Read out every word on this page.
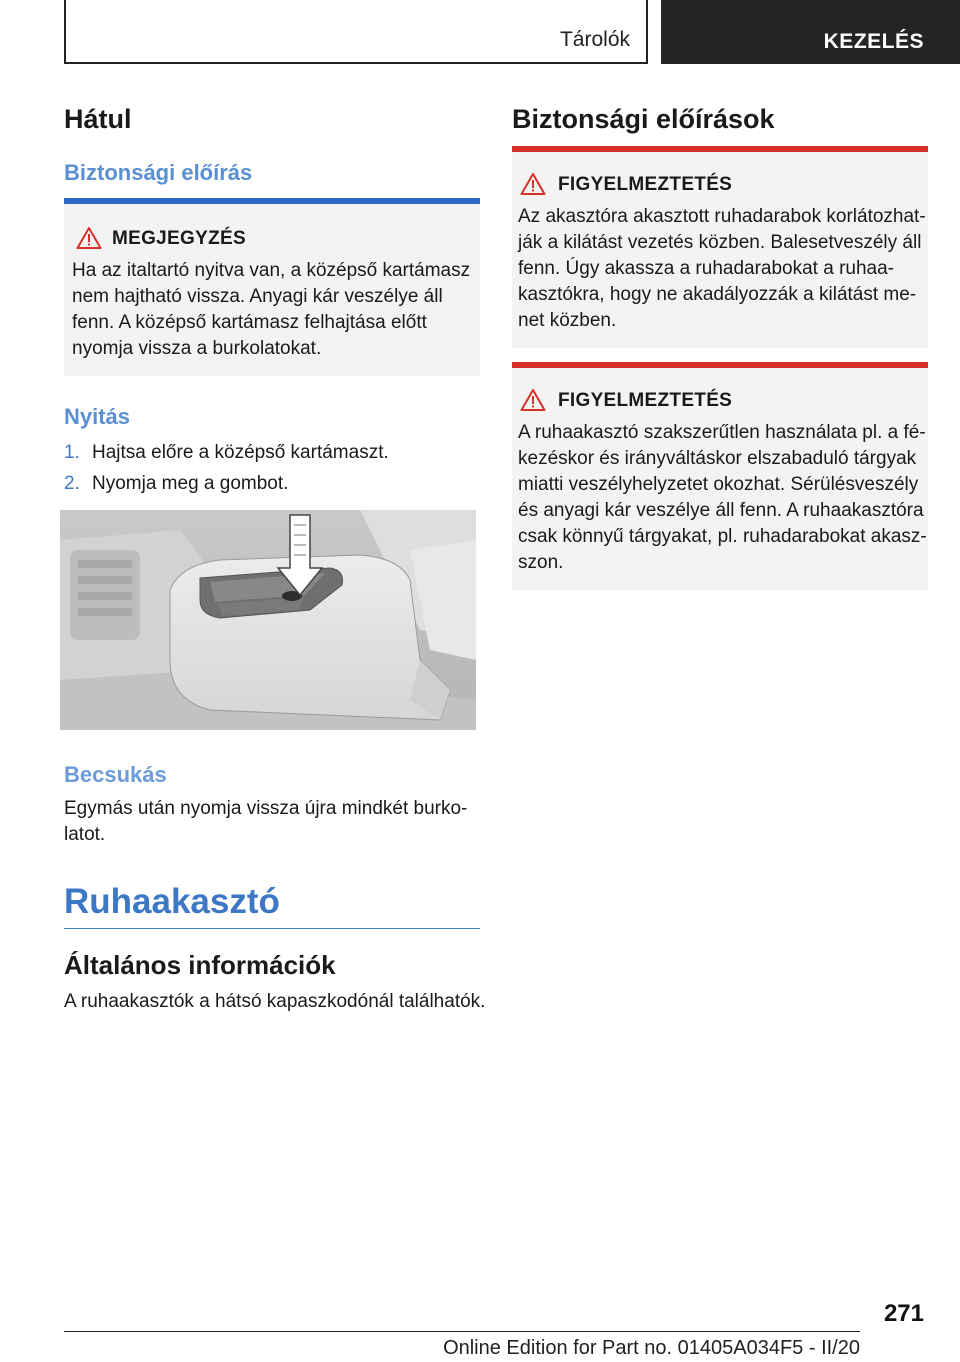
Tárolók	KEZELÉS
Hátul
Biztonsági előírás
MEGJEGYZÉS
Ha az italtartó nyitva van, a középső kartámasz
nem hajtható vissza. Anyagi kár veszélye áll
fenn. A középső kartámasz felhajtása előtt
nyomja vissza a burkolatokat.
Nyitás
1. Hajtsa előre a középső kartámaszt.
2. Nyomja meg a gombot.
Becsukás
Egymás után nyomja vissza újra mindkét burko-
latot.
Ruhaakasztó
Általános információk
A ruhaakasztók a hátsó kapaszkodónál találhatók.
Biztonsági előírások
FIGYELMEZTETÉS
Az akasztóra akasztott ruhadarabok korlátozhat-
ják a kilátást vezetés közben. Balesetveszély áll
fenn. Úgy akassza a ruhadarabokat a ruhaa-
kasztókra, hogy ne akadályozzák a kilátást me-
net közben.
FIGYELMEZTETÉS
A ruhaakasztó szakszerűtlen használata pl. a fé-
kezéskor és irányváltáskor elszabaduló tárgyak
miatti veszélyhelyzetet okozhat. Sérülésveszély
és anyagi kár veszélye áll fenn. A ruhaakasztóra
csak könnyű tárgyakat, pl. ruhadarabokat akasz-
szon.
271
Online Edition for Part no. 01405A034F5 - II/20
